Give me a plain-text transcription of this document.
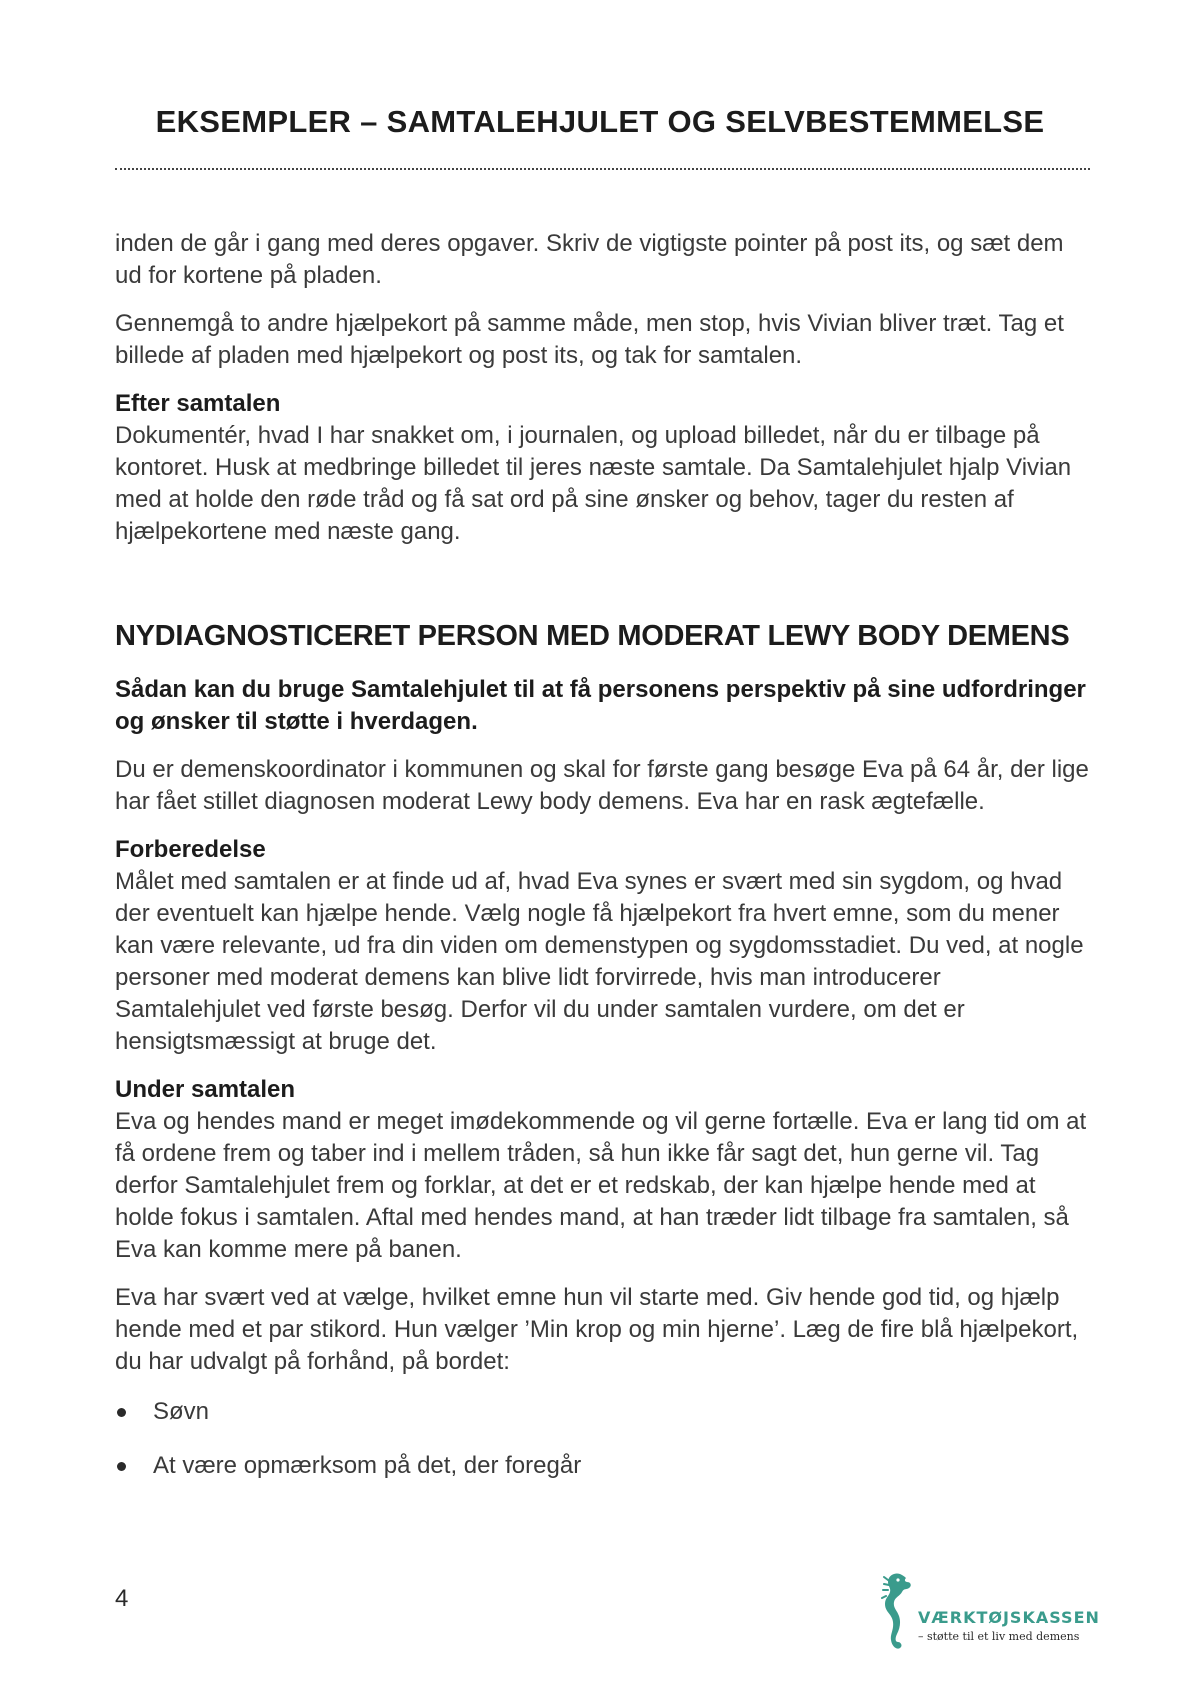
EKSEMPLER – SAMTALEHJULET OG SELVBESTEMMELSE

inden de går i gang med deres opgaver. Skriv de vigtigste pointer på post its, og sæt dem ud for kortene på pladen.

Gennemgå to andre hjælpekort på samme måde, men stop, hvis Vivian bliver træt. Tag et billede af pladen med hjælpekort og post its, og tak for samtalen.

Efter samtalen
Dokumentér, hvad I har snakket om, i journalen, og upload billedet, når du er tilbage på kontoret. Husk at medbringe billedet til jeres næste samtale. Da Samtalehjulet hjalp Vivian med at holde den røde tråd og få sat ord på sine ønsker og behov, tager du resten af hjælpekortene med næste gang.

NYDIAGNOSTICERET PERSON MED MODERAT LEWY BODY DEMENS

Sådan kan du bruge Samtalehjulet til at få personens perspektiv på sine udfordringer og ønsker til støtte i hverdagen.

Du er demenskoordinator i kommunen og skal for første gang besøge Eva på 64 år, der lige har fået stillet diagnosen moderat Lewy body demens. Eva har en rask ægtefælle.

Forberedelse
Målet med samtalen er at finde ud af, hvad Eva synes er svært med sin sygdom, og hvad der eventuelt kan hjælpe hende. Vælg nogle få hjælpekort fra hvert emne, som du mener kan være relevante, ud fra din viden om demenstypen og sygdomsstadiet. Du ved, at nogle personer med moderat demens kan blive lidt forvirrede, hvis man introducerer Samtalehjulet ved første besøg. Derfor vil du under samtalen vurdere, om det er hensigtsmæssigt at bruge det.

Under samtalen
Eva og hendes mand er meget imødekommende og vil gerne fortælle. Eva er lang tid om at få ordene frem og taber ind i mellem tråden, så hun ikke får sagt det, hun gerne vil. Tag derfor Samtalehjulet frem og forklar, at det er et redskab, der kan hjælpe hende med at holde fokus i samtalen. Aftal med hendes mand, at han træder lidt tilbage fra samtalen, så Eva kan komme mere på banen.

Eva har svært ved at vælge, hvilket emne hun vil starte med. Giv hende god tid, og hjælp hende med et par stikord. Hun vælger ’Min krop og min hjerne’. Læg de fire blå hjælpekort, du har udvalgt på forhånd, på bordet:

Søvn
At være opmærksom på det, der foregår
4
VÆRKTØJSKASSEN
– støtte til et liv med demens
